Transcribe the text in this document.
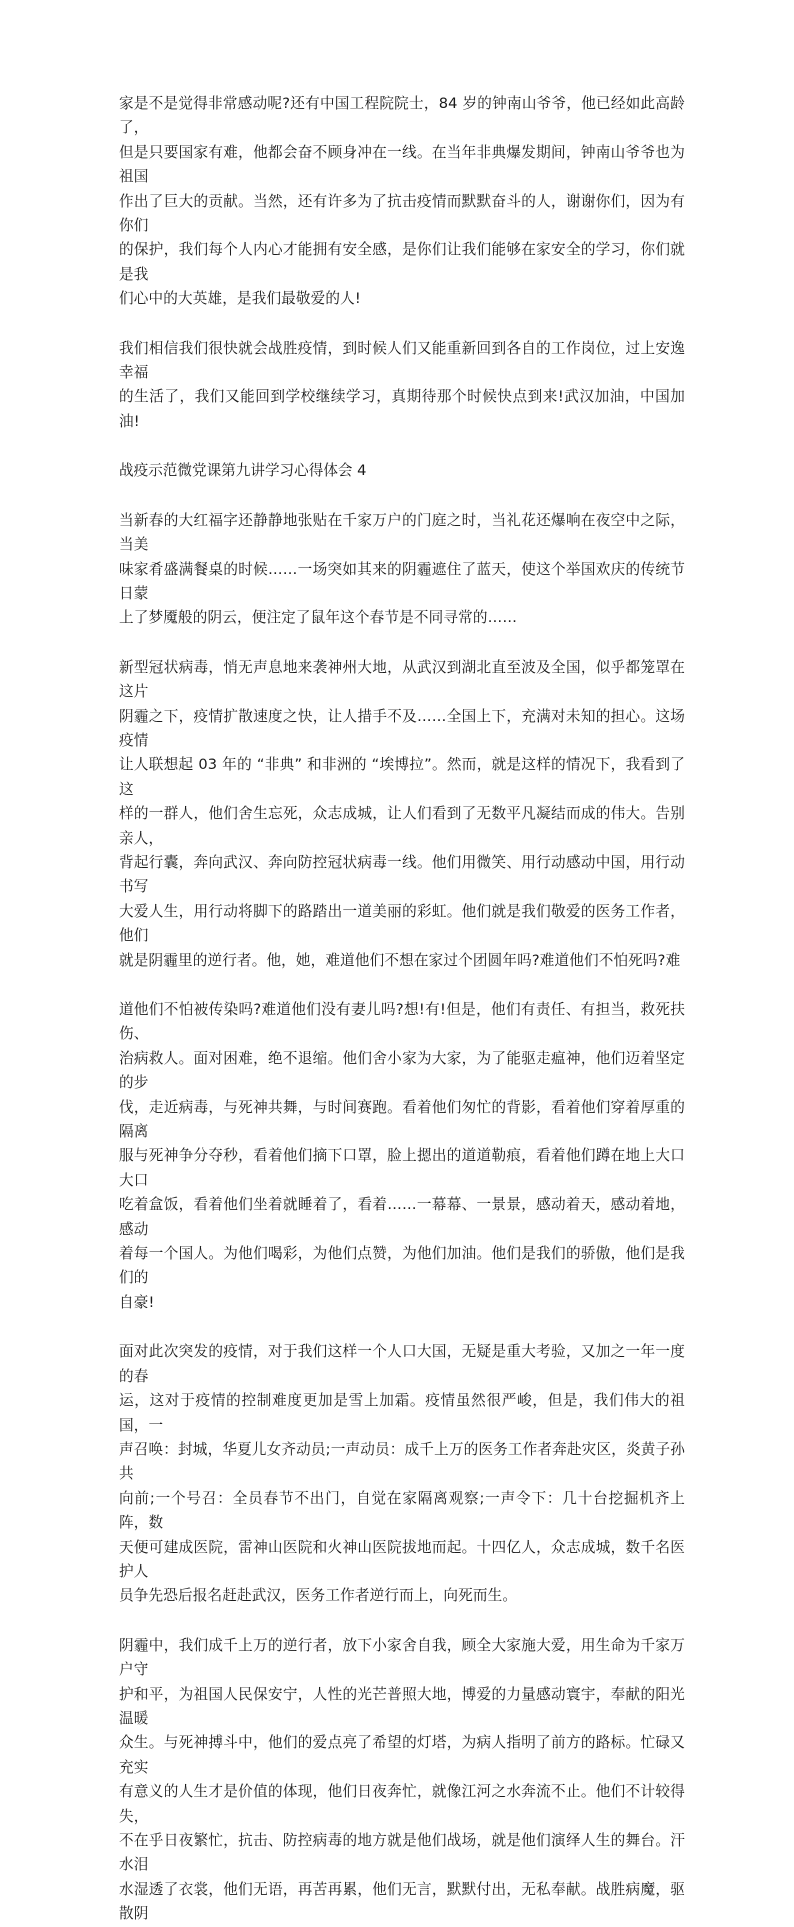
家是不是觉得非常感动呢?还有中国工程院院士，84 岁的钟南山爷爷，他已经如此高龄了，
但是只要国家有难，他都会奋不顾身冲在一线。在当年非典爆发期间，钟南山爷爷也为祖国
作出了巨大的贡献。当然，还有许多为了抗击疫情而默默奋斗的人，谢谢你们，因为有你们
的保护，我们每个人内心才能拥有安全感，是你们让我们能够在家安全的学习，你们就是我
们心中的大英雄，是我们最敬爱的人!
我们相信我们很快就会战胜疫情，到时候人们又能重新回到各自的工作岗位，过上安逸幸福
的生活了，我们又能回到学校继续学习，真期待那个时候快点到来!武汉加油，中国加油!
战疫示范微党课第九讲学习心得体会 4
当新春的大红福字还静静地张贴在千家万户的门庭之时，当礼花还爆响在夜空中之际，当美
味家肴盛满餐桌的时候……一场突如其来的阴霾遮住了蓝天，使这个举国欢庆的传统节日蒙
上了梦魇般的阴云，便注定了鼠年这个春节是不同寻常的……
新型冠状病毒，悄无声息地来袭神州大地，从武汉到湖北直至波及全国，似乎都笼罩在这片
阴霾之下，疫情扩散速度之快，让人措手不及……全国上下，充满对未知的担心。这场疫情
让人联想起 03 年的 “非典” 和非洲的 “埃博拉”。然而，就是这样的情况下，我看到了这
样的一群人，他们舍生忘死，众志成城，让人们看到了无数平凡凝结而成的伟大。告别亲人，
背起行囊，奔向武汉、奔向防控冠状病毒一线。他们用微笑、用行动感动中国，用行动书写
大爱人生，用行动将脚下的路踏出一道美丽的彩虹。他们就是我们敬爱的医务工作者，他们
就是阴霾里的逆行者。他，她，难道他们不想在家过个团圆年吗?难道他们不怕死吗?难
道他们不怕被传染吗?难道他们没有妻儿吗?想!有!但是，他们有责任、有担当，救死扶伤、
治病救人。面对困难，绝不退缩。他们舍小家为大家，为了能驱走瘟神，他们迈着坚定的步
伐，走近病毒，与死神共舞，与时间赛跑。看着他们匆忙的背影，看着他们穿着厚重的隔离
服与死神争分夺秒，看着他们摘下口罩，脸上摁出的道道勒痕，看着他们蹲在地上大口大口
吃着盒饭，看着他们坐着就睡着了，看着……一幕幕、一景景，感动着天，感动着地，感动
着每一个国人。为他们喝彩，为他们点赞，为他们加油。他们是我们的骄傲，他们是我们的
自豪!
面对此次突发的疫情，对于我们这样一个人口大国，无疑是重大考验，又加之一年一度的春
运，这对于疫情的控制难度更加是雪上加霜。疫情虽然很严峻，但是，我们伟大的祖国，一
声召唤：封城，华夏儿女齐动员;一声动员：成千上万的医务工作者奔赴灾区，炎黄子孙共
向前;一个号召：全员春节不出门，自觉在家隔离观察;一声令下：几十台挖掘机齐上阵，数
天便可建成医院，雷神山医院和火神山医院拔地而起。十四亿人，众志成城，数千名医护人
员争先恐后报名赶赴武汉，医务工作者逆行而上，向死而生。
阴霾中，我们成千上万的逆行者，放下小家舍自我，顾全大家施大爱，用生命为千家万户守
护和平，为祖国人民保安宁，人性的光芒普照大地，博爱的力量感动寰宇，奉献的阳光温暖
众生。与死神搏斗中，他们的爱点亮了希望的灯塔，为病人指明了前方的路标。忙碌又充实
有意义的人生才是价值的体现，他们日夜奔忙，就像江河之水奔流不止。他们不计较得失，
不在乎日夜繁忙，抗击、防控病毒的地方就是他们战场，就是他们演绎人生的舞台。汗水泪
水湿透了衣裳，他们无语，再苦再累，他们无言，默默付出，无私奉献。战胜病魔，驱散阴
